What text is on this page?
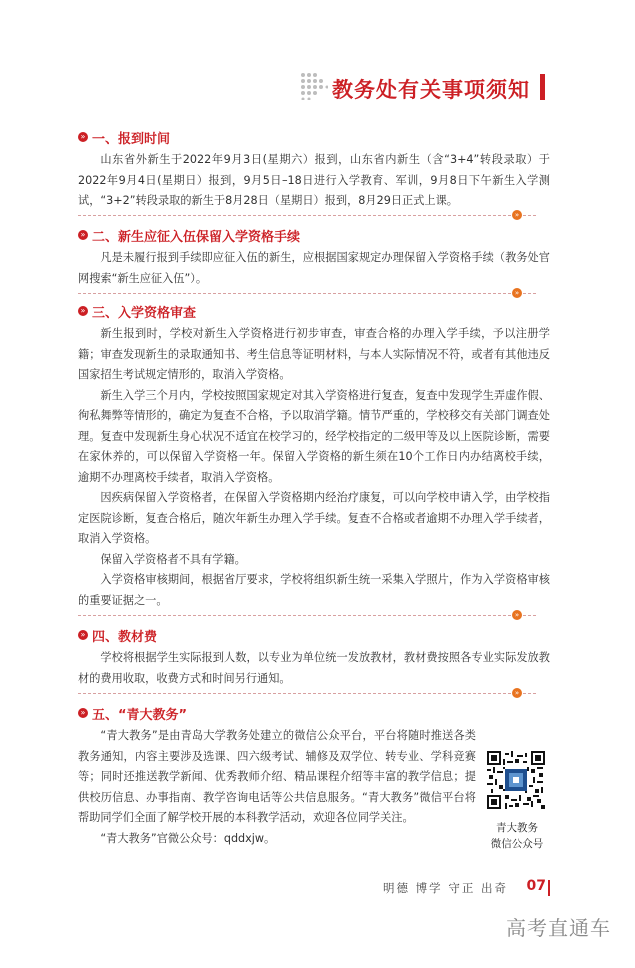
教务处有关事项须知
» 一、报到时间

山东省外新生于2022年9月3日(星期六）报到，山东省内新生（含“3+4”转段录取）于2022年9月4日(星期日）报到，9月5日–18日进行入学教育、军训，9月8日下午新生入学测试，“3+2”转段录取的新生于8月28日（星期日）报到，8月29日正式上课。

»
» 二、新生应征入伍保留入学资格手续

凡是未履行报到手续即应征入伍的新生，应根据国家规定办理保留入学资格手续（教务处官网搜索“新生应征入伍”）。

»
» 三、入学资格审查

新生报到时，学校对新生入学资格进行初步审查，审查合格的办理入学手续，予以注册学籍；审查发现新生的录取通知书、考生信息等证明材料，与本人实际情况不符，或者有其他违反国家招生考试规定情形的，取消入学资格。

新生入学三个月内，学校按照国家规定对其入学资格进行复查，复查中发现学生弄虚作假、徇私舞弊等情形的，确定为复查不合格，予以取消学籍。情节严重的，学校移交有关部门调查处理。复查中发现新生身心状况不适宜在校学习的，经学校指定的二级甲等及以上医院诊断，需要在家休养的，可以保留入学资格一年。保留入学资格的新生须在10个工作日内办结离校手续，逾期不办理离校手续者，取消入学资格。

因疾病保留入学资格者，在保留入学资格期内经治疗康复，可以向学校申请入学，由学校指定医院诊断，复查合格后，随次年新生办理入学手续。复查不合格或者逾期不办理入学手续者，取消入学资格。

保留入学资格者不具有学籍。

入学资格审核期间，根据省厅要求，学校将组织新生统一采集入学照片，作为入学资格审核的重要证据之一。

»
» 四、教材费

学校将根据学生实际报到人数，以专业为单位统一发放教材，教材费按照各专业实际发放教材的费用收取，收费方式和时间另行通知。

»
» 五、“青大教务”

“青大教务”是由青岛大学教务处建立的微信公众平台，平台将随时推送各类教务通知，内容主要涉及选课、四六级考试、辅修及双学位、转专业、学科竞赛等；同时还推送教学新闻、优秀教师介绍、精品课程介绍等丰富的教学信息；提供校历信息、办事指南、教学咨询电话等公共信息服务。“青大教务”微信平台将帮助同学们全面了解学校开展的本科教学活动，欢迎各位同学关注。

“青大教务”官微公众号：qddxjw。

青大教务
微信公众号
明德 博学 守正 出奇 07
高考直通车
